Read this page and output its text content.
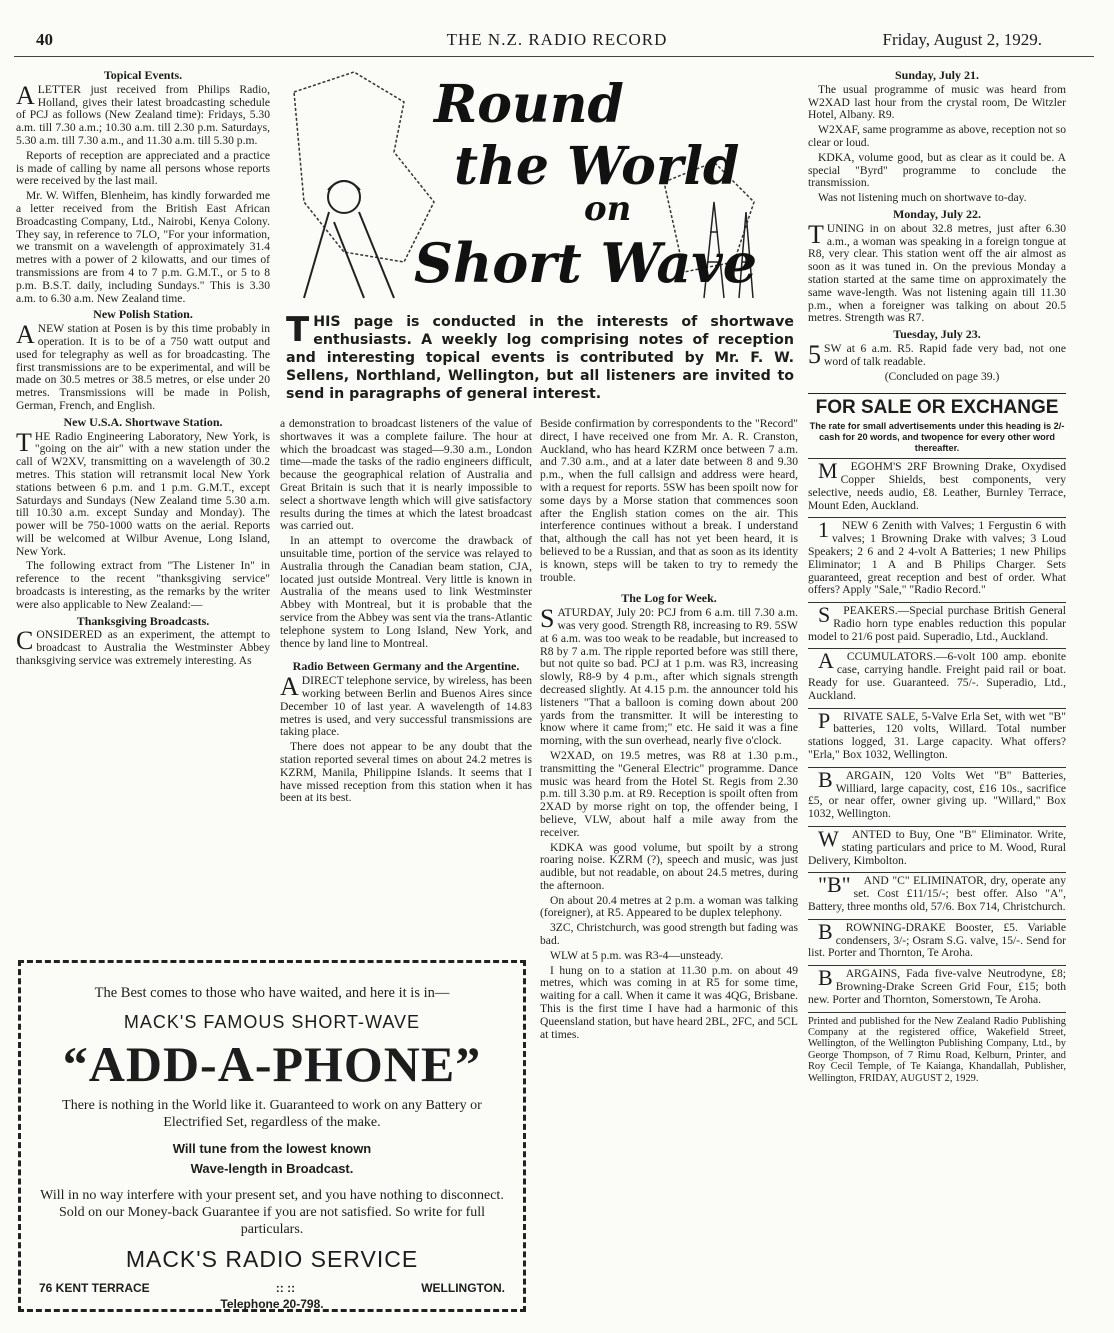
40	THE N.Z. RADIO RECORD	Friday, August 2, 1929.
Topical Events.

ALETTER just received from Philips Radio, Holland, gives their latest broadcasting schedule of PCJ as follows (New Zealand time): Fridays, 5.30 a.m. till 7.30 a.m.; 10.30 a.m. till 2.30 p.m. Saturdays, 5.30 a.m. till 7.30 a.m., and 11.30 a.m. till 5.30 p.m.

Reports of reception are appreciated and a practice is made of calling by name all persons whose reports were received by the last mail.

Mr. W. Wiffen, Blenheim, has kindly forwarded me a letter received from the British East African Broadcasting Company, Ltd., Nairobi, Kenya Colony. They say, in reference to 7LO, "For your information, we transmit on a wavelength of approximately 31.4 metres with a power of 2 kilowatts, and our times of transmissions are from 4 to 7 p.m. G.M.T., or 5 to 8 p.m. B.S.T. daily, including Sundays." This is 3.30 a.m. to 6.30 a.m. New Zealand time.

New Polish Station.

ANEW station at Posen is by this time probably in operation. It is to be of a 750 watt output and used for telegraphy as well as for broadcasting. The first transmissions are to be experimental, and will be made on 30.5 metres or 38.5 metres, or else under 20 metres. Transmissions will be made in Polish, German, French, and English.

New U.S.A. Shortwave Station.

THE Radio Engineering Laboratory, New York, is "going on the air" with a new station under the call of W2XV, transmitting on a wavelength of 30.2 metres. This station will retransmit local New York stations between 6 p.m. and 1 p.m. G.M.T., except Saturdays and Sundays (New Zealand time 5.30 a.m. till 10.30 a.m. except Sunday and Monday). The power will be 750-1000 watts on the aerial. Reports will be welcomed at Wilbur Avenue, Long Island, New York.

The following extract from "The Listener In" in reference to the recent "thanksgiving service" broadcasts is interesting, as the remarks by the writer were also applicable to New Zealand:—

Thanksgiving Broadcasts.

CONSIDERED as an experiment, the attempt to broadcast to Australia the Westminster Abbey thanksgiving service was extremely interesting. As

Round
the World
on
Short Wave
THIS page is conducted in the interests of shortwave enthusiasts. A weekly log comprising notes of reception and interesting topical events is contributed by Mr. F. W. Sellens, Northland, Wellington, but all listeners are invited to send in paragraphs of general interest.

a demonstration to broadcast listeners of the value of shortwaves it was a complete failure. The hour at which the broadcast was staged—9.30 a.m., London time—made the tasks of the radio engineers difficult, because the geographical relation of Australia and Great Britain is such that it is nearly impossible to select a shortwave length which will give satisfactory results during the times at which the latest broadcast was carried out.

In an attempt to overcome the drawback of unsuitable time, portion of the service was relayed to Australia through the Canadian beam station, CJA, located just outside Montreal. Very little is known in Australia of the means used to link Westminster Abbey with Montreal, but it is probable that the service from the Abbey was sent via the trans-Atlantic telephone system to Long Island, New York, and thence by land line to Montreal.

Radio Between Germany and the Argentine.

ADIRECT telephone service, by wireless, has been working between Berlin and Buenos Aires since December 10 of last year. A wavelength of 14.83 metres is used, and very successful transmissions are taking place.

There does not appear to be any doubt that the station reported several times on about 24.2 metres is KZRM, Manila, Philippine Islands. It seems that I have missed reception from this station when it has been at its best.

Beside confirmation by correspondents to the "Record" direct, I have received one from Mr. A. R. Cranston, Auckland, who has heard KZRM once between 7 a.m. and 7.30 a.m., and at a later date between 8 and 9.30 p.m., when the full callsign and address were heard, with a request for reports. 5SW has been spoilt now for some days by a Morse station that commences soon after the English station comes on the air. This interference continues without a break. I understand that, although the call has not yet been heard, it is believed to be a Russian, and that as soon as its identity is known, steps will be taken to try to remedy the trouble.

The Log for Week.

SATURDAY, July 20: PCJ from 6 a.m. till 7.30 a.m. was very good. Strength R8, increasing to R9. 5SW at 6 a.m. was too weak to be readable, but increased to R8 by 7 a.m. The ripple reported before was still there, but not quite so bad. PCJ at 1 p.m. was R3, increasing slowly, R8-9 by 4 p.m., after which signals strength decreased slightly. At 4.15 p.m. the announcer told his listeners "That a balloon is coming down about 200 yards from the transmitter. It will be interesting to know where it came from;" etc. He said it was a fine morning, with the sun overhead, nearly five o'clock.

W2XAD, on 19.5 metres, was R8 at 1.30 p.m., transmitting the "General Electric" programme. Dance music was heard from the Hotel St. Regis from 2.30 p.m. till 3.30 p.m. at R9. Reception is spoilt often from 2XAD by morse right on top, the offender being, I believe, VLW, about half a mile away from the receiver.

KDKA was good volume, but spoilt by a strong roaring noise. KZRM (?), speech and music, was just audible, but not readable, on about 24.5 metres, during the afternoon.

On about 20.4 metres at 2 p.m. a woman was talking (foreigner), at R5. Appeared to be duplex telephony.

3ZC, Christchurch, was good strength but fading was bad.

WLW at 5 p.m. was R3-4—unsteady.

I hung on to a station at 11.30 p.m. on about 49 metres, which was coming in at R5 for some time, waiting for a call. When it came it was 4QG, Brisbane. This is the first time I have had a harmonic of this Queensland station, but have heard 2BL, 2FC, and 5CL at times.

Sunday, July 21.

The usual programme of music was heard from W2XAD last hour from the crystal room, De Witzler Hotel, Albany. R9.

W2XAF, same programme as above, reception not so clear or loud.

KDKA, volume good, but as clear as it could be. A special "Byrd" programme to conclude the transmission.

Was not listening much on shortwave to-day.

Monday, July 22.

TUNING in on about 32.8 metres, just after 6.30 a.m., a woman was speaking in a foreign tongue at R8, very clear. This station went off the air almost as soon as it was tuned in. On the previous Monday a station started at the same time on approximately the same wave-length. Was not listening again till 11.30 p.m., when a foreigner was talking on about 20.5 metres. Strength was R7.

Tuesday, July 23.

5SW at 6 a.m. R5. Rapid fade very bad, not one word of talk readable.

(Concluded on page 39.)

FOR SALE OR EXCHANGE
The rate for small advertisements under this heading is 2/- cash for 20 words, and twopence for every other word thereafter.

MEGOHM'S 2RF Browning Drake, Oxydised Copper Shields, best components, very selective, needs audio, £8. Leather, Burnley Terrace, Mount Eden, Auckland.

1NEW 6 Zenith with Valves; 1 Fergustin 6 with valves; 1 Browning Drake with valves; 3 Loud Speakers; 2 6 and 2 4-volt A Batteries; 1 new Philips Eliminator; 1 A and B Philips Charger. Sets guaranteed, great reception and best of order. What offers? Apply "Sale," "Radio Record."

SPEAKERS.—Special purchase British General Radio horn type enables reduction this popular model to 21/6 post paid. Superadio, Ltd., Auckland.

ACCUMULATORS.—6-volt 100 amp. ebonite case, carrying handle. Freight paid rail or boat. Ready for use. Guaranteed. 75/-. Superadio, Ltd., Auckland.

PRIVATE SALE, 5-Valve Erla Set, with wet "B" batteries, 120 volts, Willard. Total number stations logged, 31. Large capacity. What offers? "Erla," Box 1032, Wellington.

BARGAIN, 120 Volts Wet "B" Batteries, Williard, large capacity, cost, £16 10s., sacrifice £5, or near offer, owner giving up. "Willard," Box 1032, Wellington.

WANTED to Buy, One "B" Eliminator. Write, stating particulars and price to M. Wood, Rural Delivery, Kimbolton.

"B"AND "C" ELIMINATOR, dry, operate any set. Cost £11/15/-; best offer. Also "A", Battery, three months old, 57/6. Box 714, Christchurch.

BROWNING-DRAKE Booster, £5. Variable condensers, 3/-; Osram S.G. valve, 15/-. Send for list. Porter and Thornton, Te Aroha.

BARGAINS, Fada five-valve Neutrodyne, £8; Browning-Drake Screen Grid Four, £15; both new. Porter and Thornton, Somerstown, Te Aroha.

Printed and published for the New Zealand Radio Publishing Company at the registered office, Wakefield Street, Wellington, of the Wellington Publishing Company, Ltd., by George Thompson, of 7 Rimu Road, Kelburn, Printer, and Roy Cecil Temple, of Te Kaianga, Khandallah, Publisher, Wellington, FRIDAY, AUGUST 2, 1929.
The Best comes to those who have waited, and here it is in—
MACK'S FAMOUS SHORT-WAVE
“ADD-A-PHONE”
There is nothing in the World like it. Guaranteed to work on any Battery or Electrified Set, regardless of the make.
Will tune from the lowest known
Wave-length in Broadcast.
Will in no way interfere with your present set, and you have nothing to disconnect. Sold on our Money-back Guarantee if you are not satisfied. So write for full particulars.
MACK'S RADIO SERVICE
76 KENT TERRACE	:: ::	WELLINGTON.
Telephone 20-798.
